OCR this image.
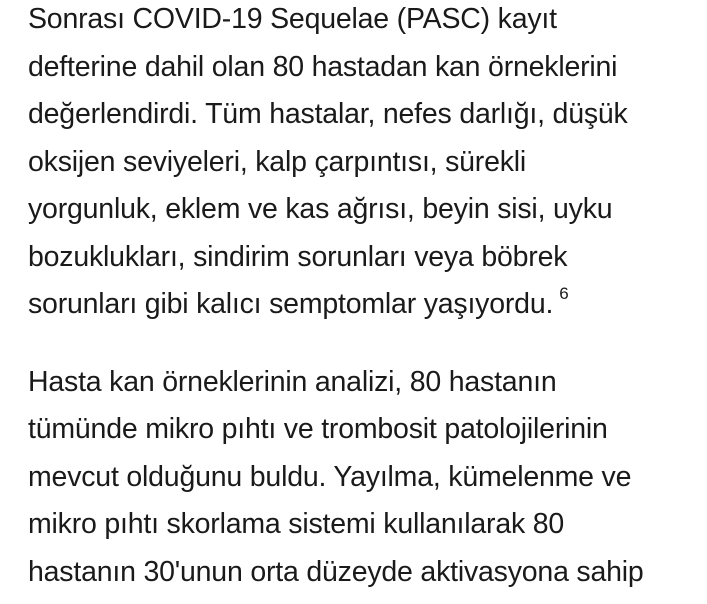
Sonrası COVID-19 Sequelae (PASC) kayıt
defterine dahil olan 80 hastadan kan örneklerini
değerlendirdi. Tüm hastalar, nefes darlığı, düşük
oksijen seviyeleri, kalp çarpıntısı, sürekli
yorgunluk, eklem ve kas ağrısı, beyin sisi, uyku
bozuklukları, sindirim sorunları veya böbrek
sorunları gibi kalıcı semptomlar yaşıyordu. $^6$

Hasta kan örneklerinin analizi, 80 hastanın
tümünde mikro pıhtı ve trombosit patolojilerinin
mevcut olduğunu buldu. Yayılma, kümelenme ve
mikro pıhtı skorlama sistemi kullanılarak 80
hastanın 30'unun orta düzeyde aktivasyona sahip
